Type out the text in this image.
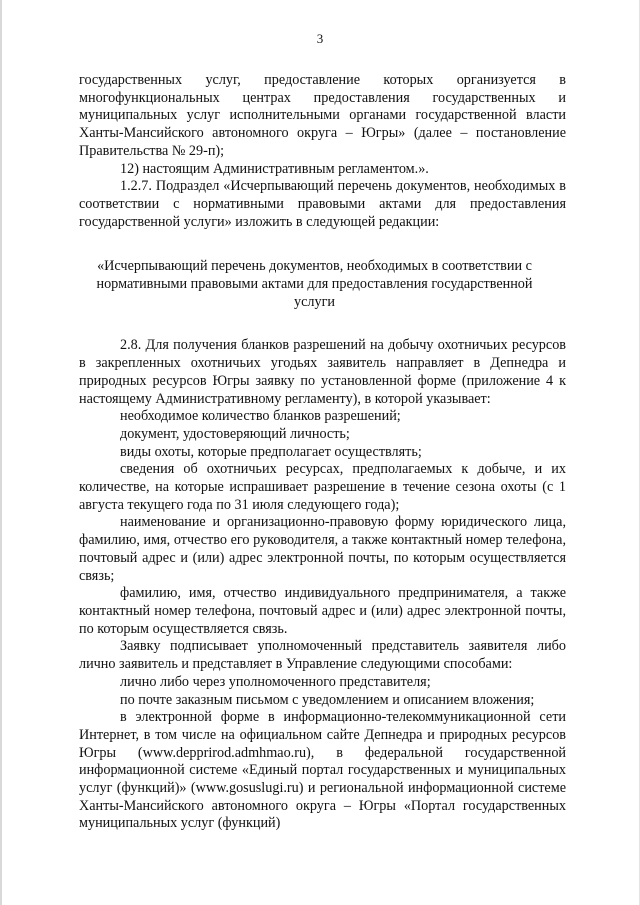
3

государственных услуг, предоставление которых организуется в многофункциональных центрах предоставления государственных и муниципальных услуг исполнительными органами государственной власти Ханты-Мансийского автономного округа – Югры» (далее – постановление Правительства № 29-п);

12) настоящим Административным регламентом.».

1.2.7. Подраздел «Исчерпывающий перечень документов, необходимых в соответствии с нормативными правовыми актами для предоставления государственной услуги» изложить в следующей редакции:

«Исчерпывающий перечень документов, необходимых в соответствии с нормативными правовыми актами для предоставления государственной услуги

2.8. Для получения бланков разрешений на добычу охотничьих ресурсов в закрепленных охотничьих угодьях заявитель направляет в Депнедра и природных ресурсов Югры заявку по установленной форме (приложение 4 к настоящему Административному регламенту), в которой указывает:

необходимое количество бланков разрешений;

документ, удостоверяющий личность;

виды охоты, которые предполагает осуществлять;

сведения об охотничьих ресурсах, предполагаемых к добыче, и их количестве, на которые испрашивает разрешение в течение сезона охоты (с 1 августа текущего года по 31 июля следующего года);

наименование и организационно-правовую форму юридического лица, фамилию, имя, отчество его руководителя, а также контактный номер телефона, почтовый адрес и (или) адрес электронной почты, по которым осуществляется связь;

фамилию, имя, отчество индивидуального предпринимателя, а также контактный номер телефона, почтовый адрес и (или) адрес электронной почты, по которым осуществляется связь.

Заявку подписывает уполномоченный представитель заявителя либо лично заявитель и представляет в Управление следующими способами:

лично либо через уполномоченного представителя;

по почте заказным письмом с уведомлением и описанием вложения;

в электронной форме в информационно-телекоммуникационной сети Интернет, в том числе на официальном сайте Депнедра и природных ресурсов Югры (www.depprirod.admhmao.ru), в федеральной государственной информационной системе «Единый портал государственных и муниципальных услуг (функций)» (www.gosuslugi.ru) и региональной информационной системе Ханты-Мансийского автономного округа – Югры «Портал государственных муниципальных услуг (функций)
